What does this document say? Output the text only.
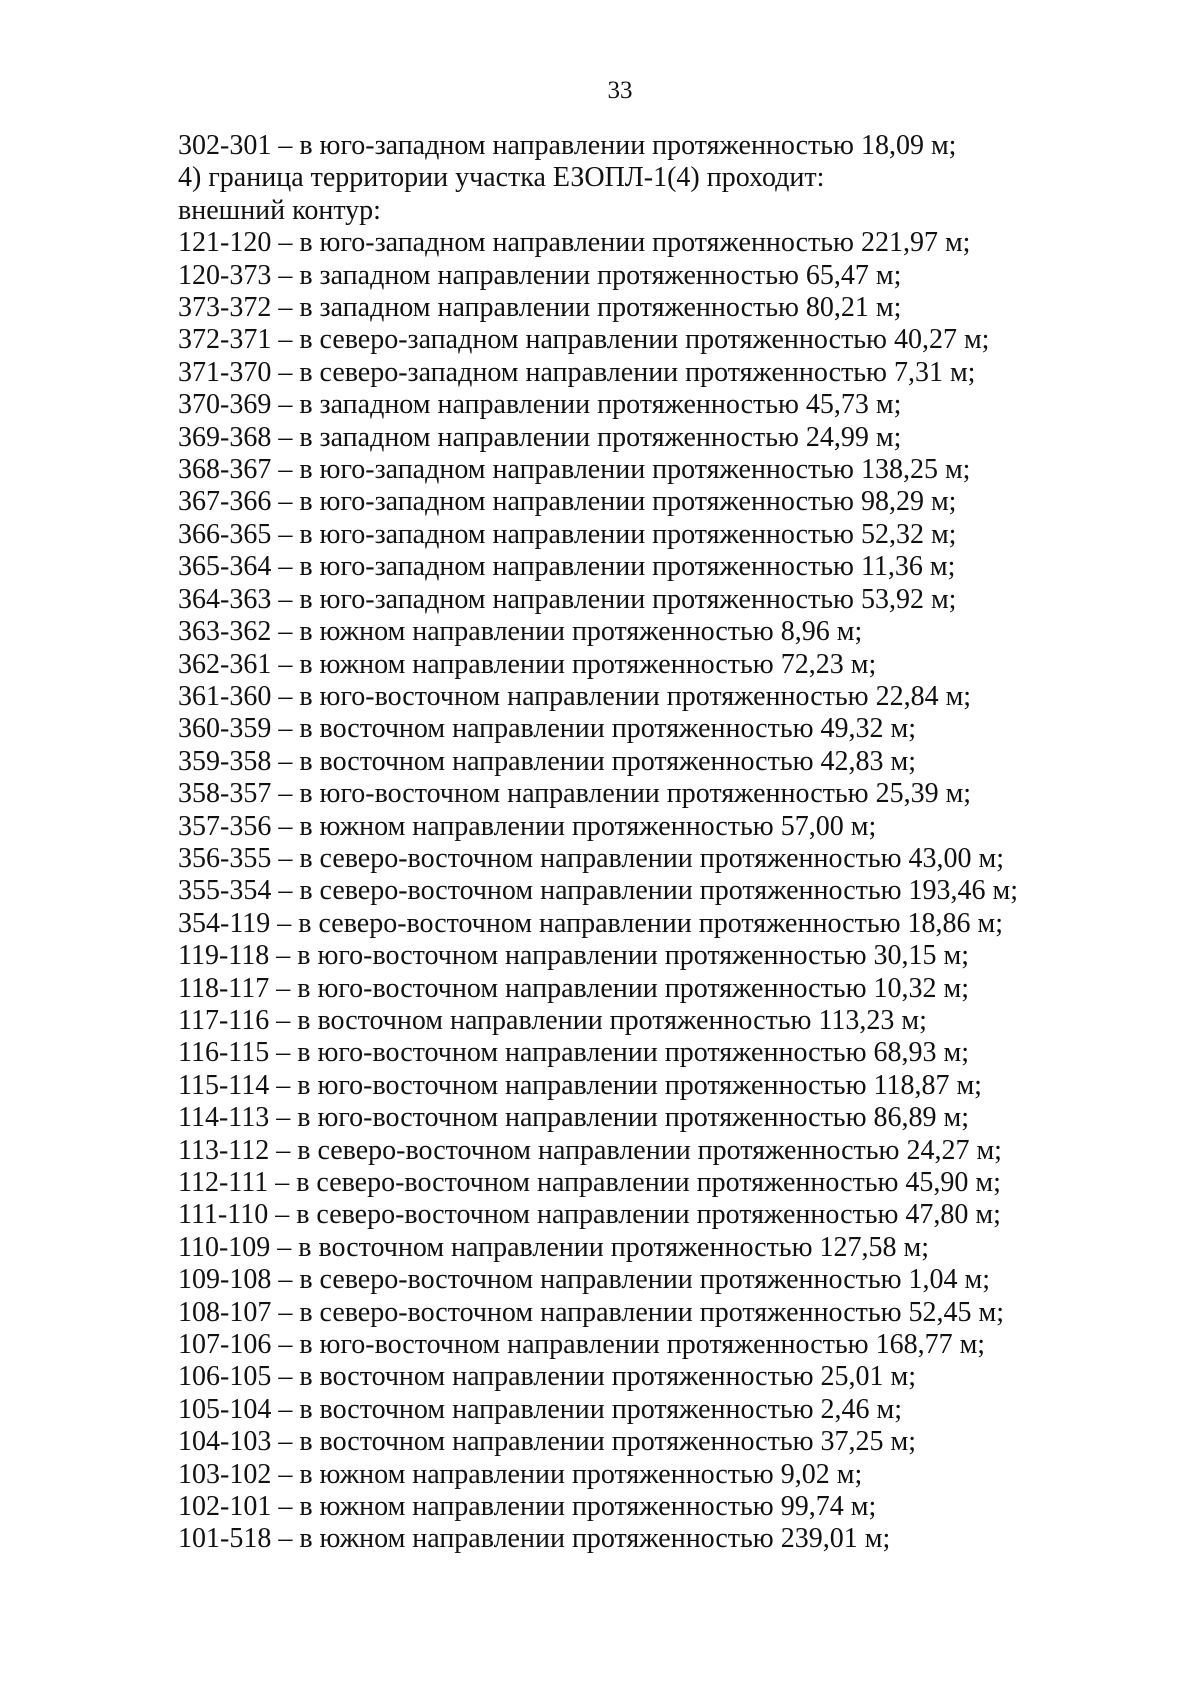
33

302-301 – в юго-западном направлении протяженностью 18,09 м;

4) граница территории участка ЕЗОПЛ-1(4) проходит:

внешний контур:

121-120 – в юго-западном направлении протяженностью 221,97 м;

120-373 – в западном направлении протяженностью 65,47 м;

373-372 – в западном направлении протяженностью 80,21 м;

372-371 – в северо-западном направлении протяженностью 40,27 м;

371-370 – в северо-западном направлении протяженностью 7,31 м;

370-369 – в западном направлении протяженностью 45,73 м;

369-368 – в западном направлении протяженностью 24,99 м;

368-367 – в юго-западном направлении протяженностью 138,25 м;

367-366 – в юго-западном направлении протяженностью 98,29 м;

366-365 – в юго-западном направлении протяженностью 52,32 м;

365-364 – в юго-западном направлении протяженностью 11,36 м;

364-363 – в юго-западном направлении протяженностью 53,92 м;

363-362 – в южном направлении протяженностью 8,96 м;

362-361 – в южном направлении протяженностью 72,23 м;

361-360 – в юго-восточном направлении протяженностью 22,84 м;

360-359 – в восточном направлении протяженностью 49,32 м;

359-358 – в восточном направлении протяженностью 42,83 м;

358-357 – в юго-восточном направлении протяженностью 25,39 м;

357-356 – в южном направлении протяженностью 57,00 м;

356-355 – в северо-восточном направлении протяженностью 43,00 м;

355-354 – в северо-восточном направлении протяженностью 193,46 м;

354-119 – в северо-восточном направлении протяженностью 18,86 м;

119-118 – в юго-восточном направлении протяженностью 30,15 м;

118-117 – в юго-восточном направлении протяженностью 10,32 м;

117-116 – в восточном направлении протяженностью 113,23 м;

116-115 – в юго-восточном направлении протяженностью 68,93 м;

115-114 – в юго-восточном направлении протяженностью 118,87 м;

114-113 – в юго-восточном направлении протяженностью 86,89 м;

113-112 – в северо-восточном направлении протяженностью 24,27 м;

112-111 – в северо-восточном направлении протяженностью 45,90 м;

111-110 – в северо-восточном направлении протяженностью 47,80 м;

110-109 – в восточном направлении протяженностью 127,58 м;

109-108 – в северо-восточном направлении протяженностью 1,04 м;

108-107 – в северо-восточном направлении протяженностью 52,45 м;

107-106 – в юго-восточном направлении протяженностью 168,77 м;

106-105 – в восточном направлении протяженностью 25,01 м;

105-104 – в восточном направлении протяженностью 2,46 м;

104-103 – в восточном направлении протяженностью 37,25 м;

103-102 – в южном направлении протяженностью 9,02 м;

102-101 – в южном направлении протяженностью 99,74 м;

101-518 – в южном направлении протяженностью 239,01 м;
